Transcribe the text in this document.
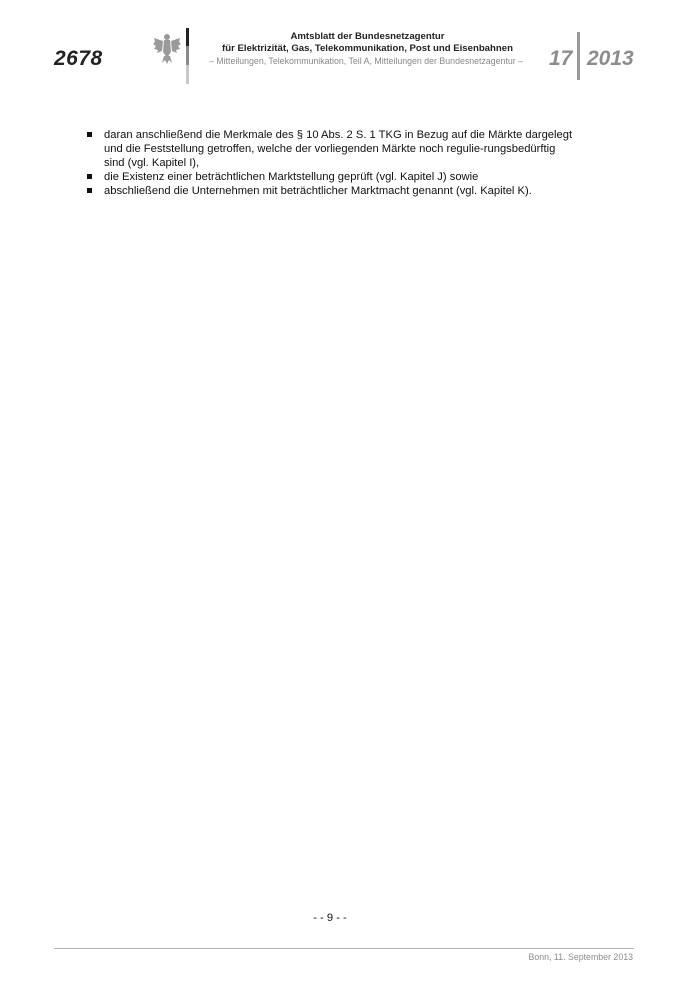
2678
Amtsblatt der Bundesnetzagentur
für Elektrizität, Gas, Telekommunikation, Post und Eisenbahnen
– Mitteilungen, Telekommunikation, Teil A, Mitteilungen der Bundesnetzagentur –	17 2013
daran anschließend die Merkmale des § 10 Abs. 2 S. 1 TKG in Bezug auf die Märkte dargelegt und die Feststellung getroffen, welche der vorliegenden Märkte noch regulie-rungsbedürftig sind (vgl. Kapitel I),
die Existenz einer beträchtlichen Marktstellung geprüft (vgl. Kapitel J) sowie
abschließend die Unternehmen mit beträchtlicher Marktmacht genannt (vgl. Kapitel K).
- - 9 - -
Bonn, 11. September 2013
